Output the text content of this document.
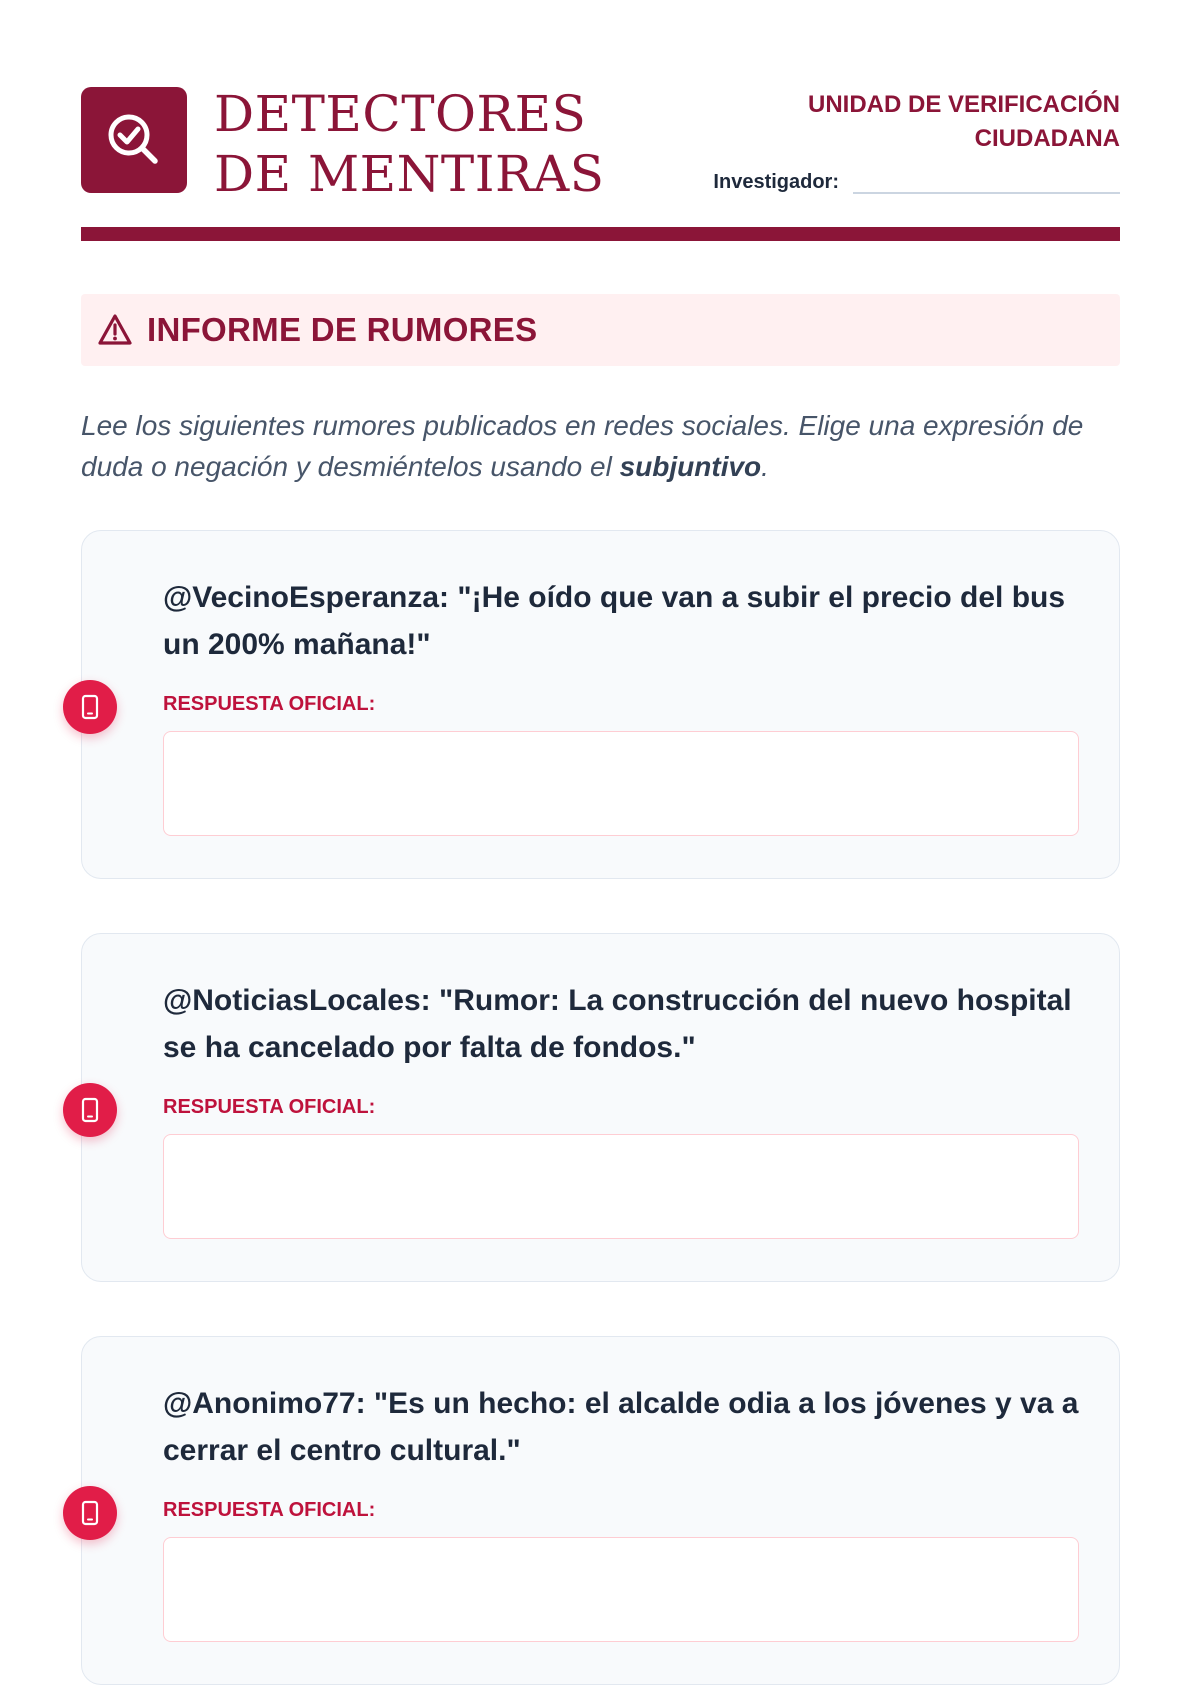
DETECTORES DE MENTIRAS
UNIDAD DE VERIFICACIÓN CIUDADANA
Investigador:
INFORME DE RUMORES
Lee los siguientes rumores publicados en redes sociales. Elige una expresión de duda o negación y desmiéntelos usando el subjuntivo.
@VecinoEsperanza: "¡He oído que van a subir el precio del bus un 200% mañana!"
RESPUESTA OFICIAL:
@NoticiasLocales: "Rumor: La construcción del nuevo hospital se ha cancelado por falta de fondos."
RESPUESTA OFICIAL:
@Anonimo77: "Es un hecho: el alcalde odia a los jóvenes y va a cerrar el centro cultural."
RESPUESTA OFICIAL:
